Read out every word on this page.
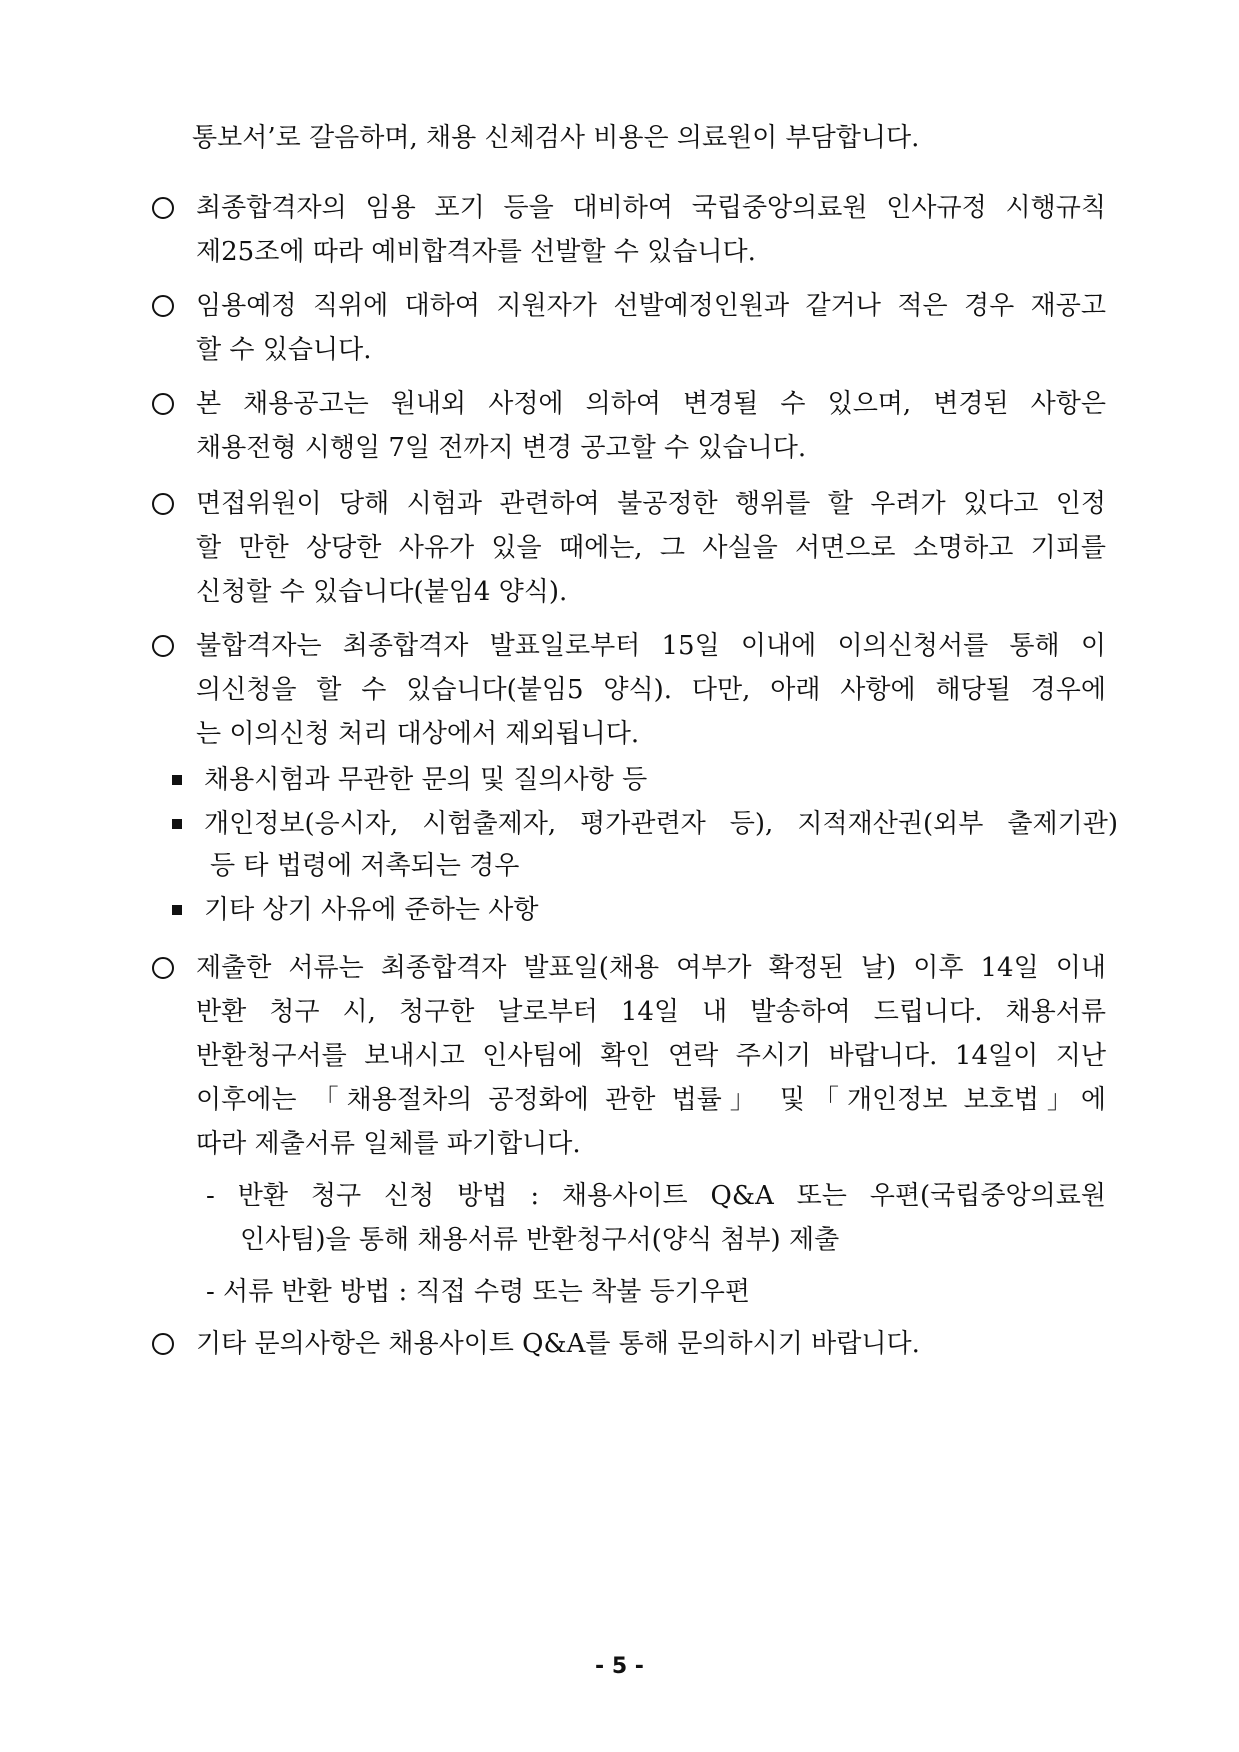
통보서’로 갈음하며, 채용 신체검사 비용은 의료원이 부담합니다.
최종합격자의 임용 포기 등을 대비하여 국립중앙의료원 인사규정 시행규칙
제25조에 따라 예비합격자를 선발할 수 있습니다.
임용예정 직위에 대하여 지원자가 선발예정인원과 같거나 적은 경우 재공고
할 수 있습니다.
본 채용공고는 원내외 사정에 의하여 변경될 수 있으며, 변경된 사항은
채용전형 시행일 7일 전까지 변경 공고할 수 있습니다.
면접위원이 당해 시험과 관련하여 불공정한 행위를 할 우려가 있다고 인정
할 만한 상당한 사유가 있을 때에는, 그 사실을 서면으로 소명하고 기피를
신청할 수 있습니다(붙임4 양식).
불합격자는 최종합격자 발표일로부터 15일 이내에 이의신청서를 통해 이
의신청을 할 수 있습니다(붙임5 양식). 다만, 아래 사항에 해당될 경우에
는 이의신청 처리 대상에서 제외됩니다.
채용시험과 무관한 문의 및 질의사항 등
개인정보(응시자, 시험출제자, 평가관련자 등), 지적재산권(외부 출제기관)
등 타 법령에 저촉되는 경우
기타 상기 사유에 준하는 사항
제출한 서류는 최종합격자 발표일(채용 여부가 확정된 날) 이후 14일 이내
반환 청구 시, 청구한 날로부터 14일 내 발송하여 드립니다. 채용서류
반환청구서를 보내시고 인사팀에 확인 연락 주시기 바랍니다. 14일이 지난
이후에는 「채용절차의 공정화에 관한 법률」 및「개인정보 보호법」에
따라 제출서류 일체를 파기합니다.
- 반환 청구 신청 방법 : 채용사이트 Q&A 또는 우편(국립중앙의료원
인사팀)을 통해 채용서류 반환청구서(양식 첨부) 제출
- 서류 반환 방법 : 직접 수령 또는 착불 등기우편
기타 문의사항은 채용사이트 Q&A를 통해 문의하시기 바랍니다.
- 5 -
